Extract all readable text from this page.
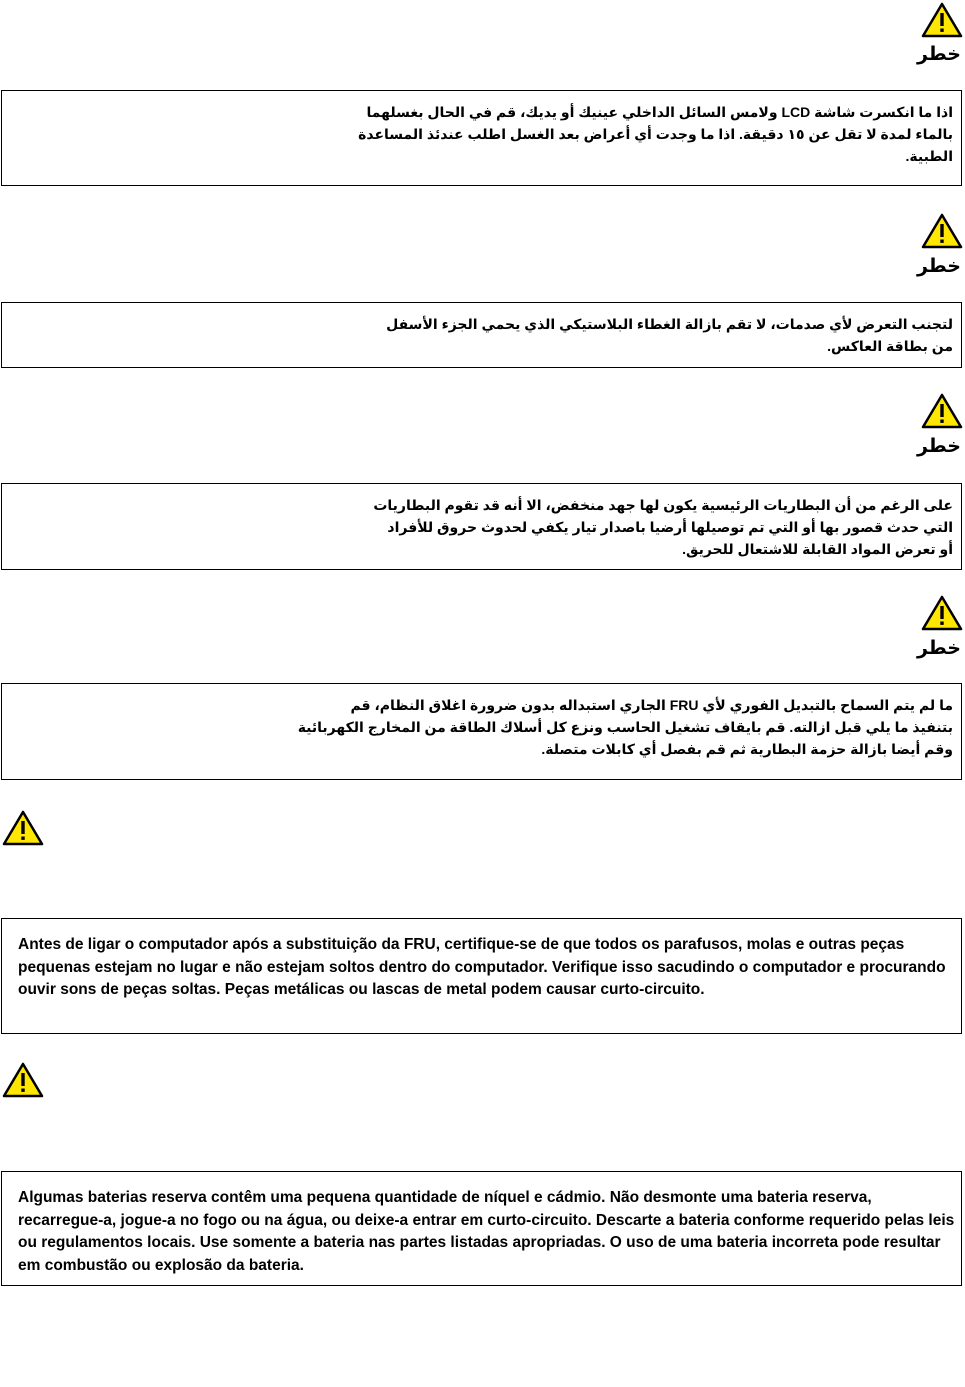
خطر

اذا ما انكسرت شاشة LCD ولامس السائل الداخلي عينيك أو يديك، قم في الحال بغسلهما

بالماء لمدة لا تقل عن ١٥ دقيقة. اذا ما وجدت أي أعراض بعد الغسل اطلب عندئذ المساعدة

الطبية.

خطر

لتجنب التعرض لأي صدمات، لا تقم بازالة الغطاء البلاستيكي الذي يحمي الجزء الأسفل

من بطاقة العاكس.

خطر

على الرغم من أن البطاريات الرئيسية يكون لها جهد منخفض، الا أنه قد تقوم البطاريات

التي حدث قصور بها أو التي تم توصيلها أرضيا باصدار تيار يكفي لحدوث حروق للأفراد

أو تعرض المواد القابلة للاشتعال للحريق.

خطر

ما لم يتم السماح بالتبديل الفوري لأي FRU الجاري استبداله بدون ضرورة اغلاق النظام، قم

بتنفيذ ما يلي قبل ازالته. قم بايقاف تشغيل الحاسب ونزع كل أسلاك الطاقة من المخارج الكهربائية

وقم أيضا بازالة حزمة البطارية ثم قم بفصل أي كابلات متصلة.

Antes de ligar o computador após a substituição da FRU, certifique-se de que todos os parafusos, molas e outras peças pequenas estejam no lugar e não estejam soltos dentro do computador. Verifique isso sacudindo o computador e procurando ouvir sons de peças soltas. Peças metálicas ou lascas de metal podem causar curto-circuito.

Algumas baterias reserva contêm uma pequena quantidade de níquel e cádmio. Não desmonte uma bateria reserva, recarregue-a, jogue-a no fogo ou na água, ou deixe-a entrar em curto-circuito. Descarte a bateria conforme requerido pelas leis ou regulamentos locais. Use somente a bateria nas partes listadas apropriadas. O uso de uma bateria incorreta pode resultar em combustão ou explosão da bateria.
